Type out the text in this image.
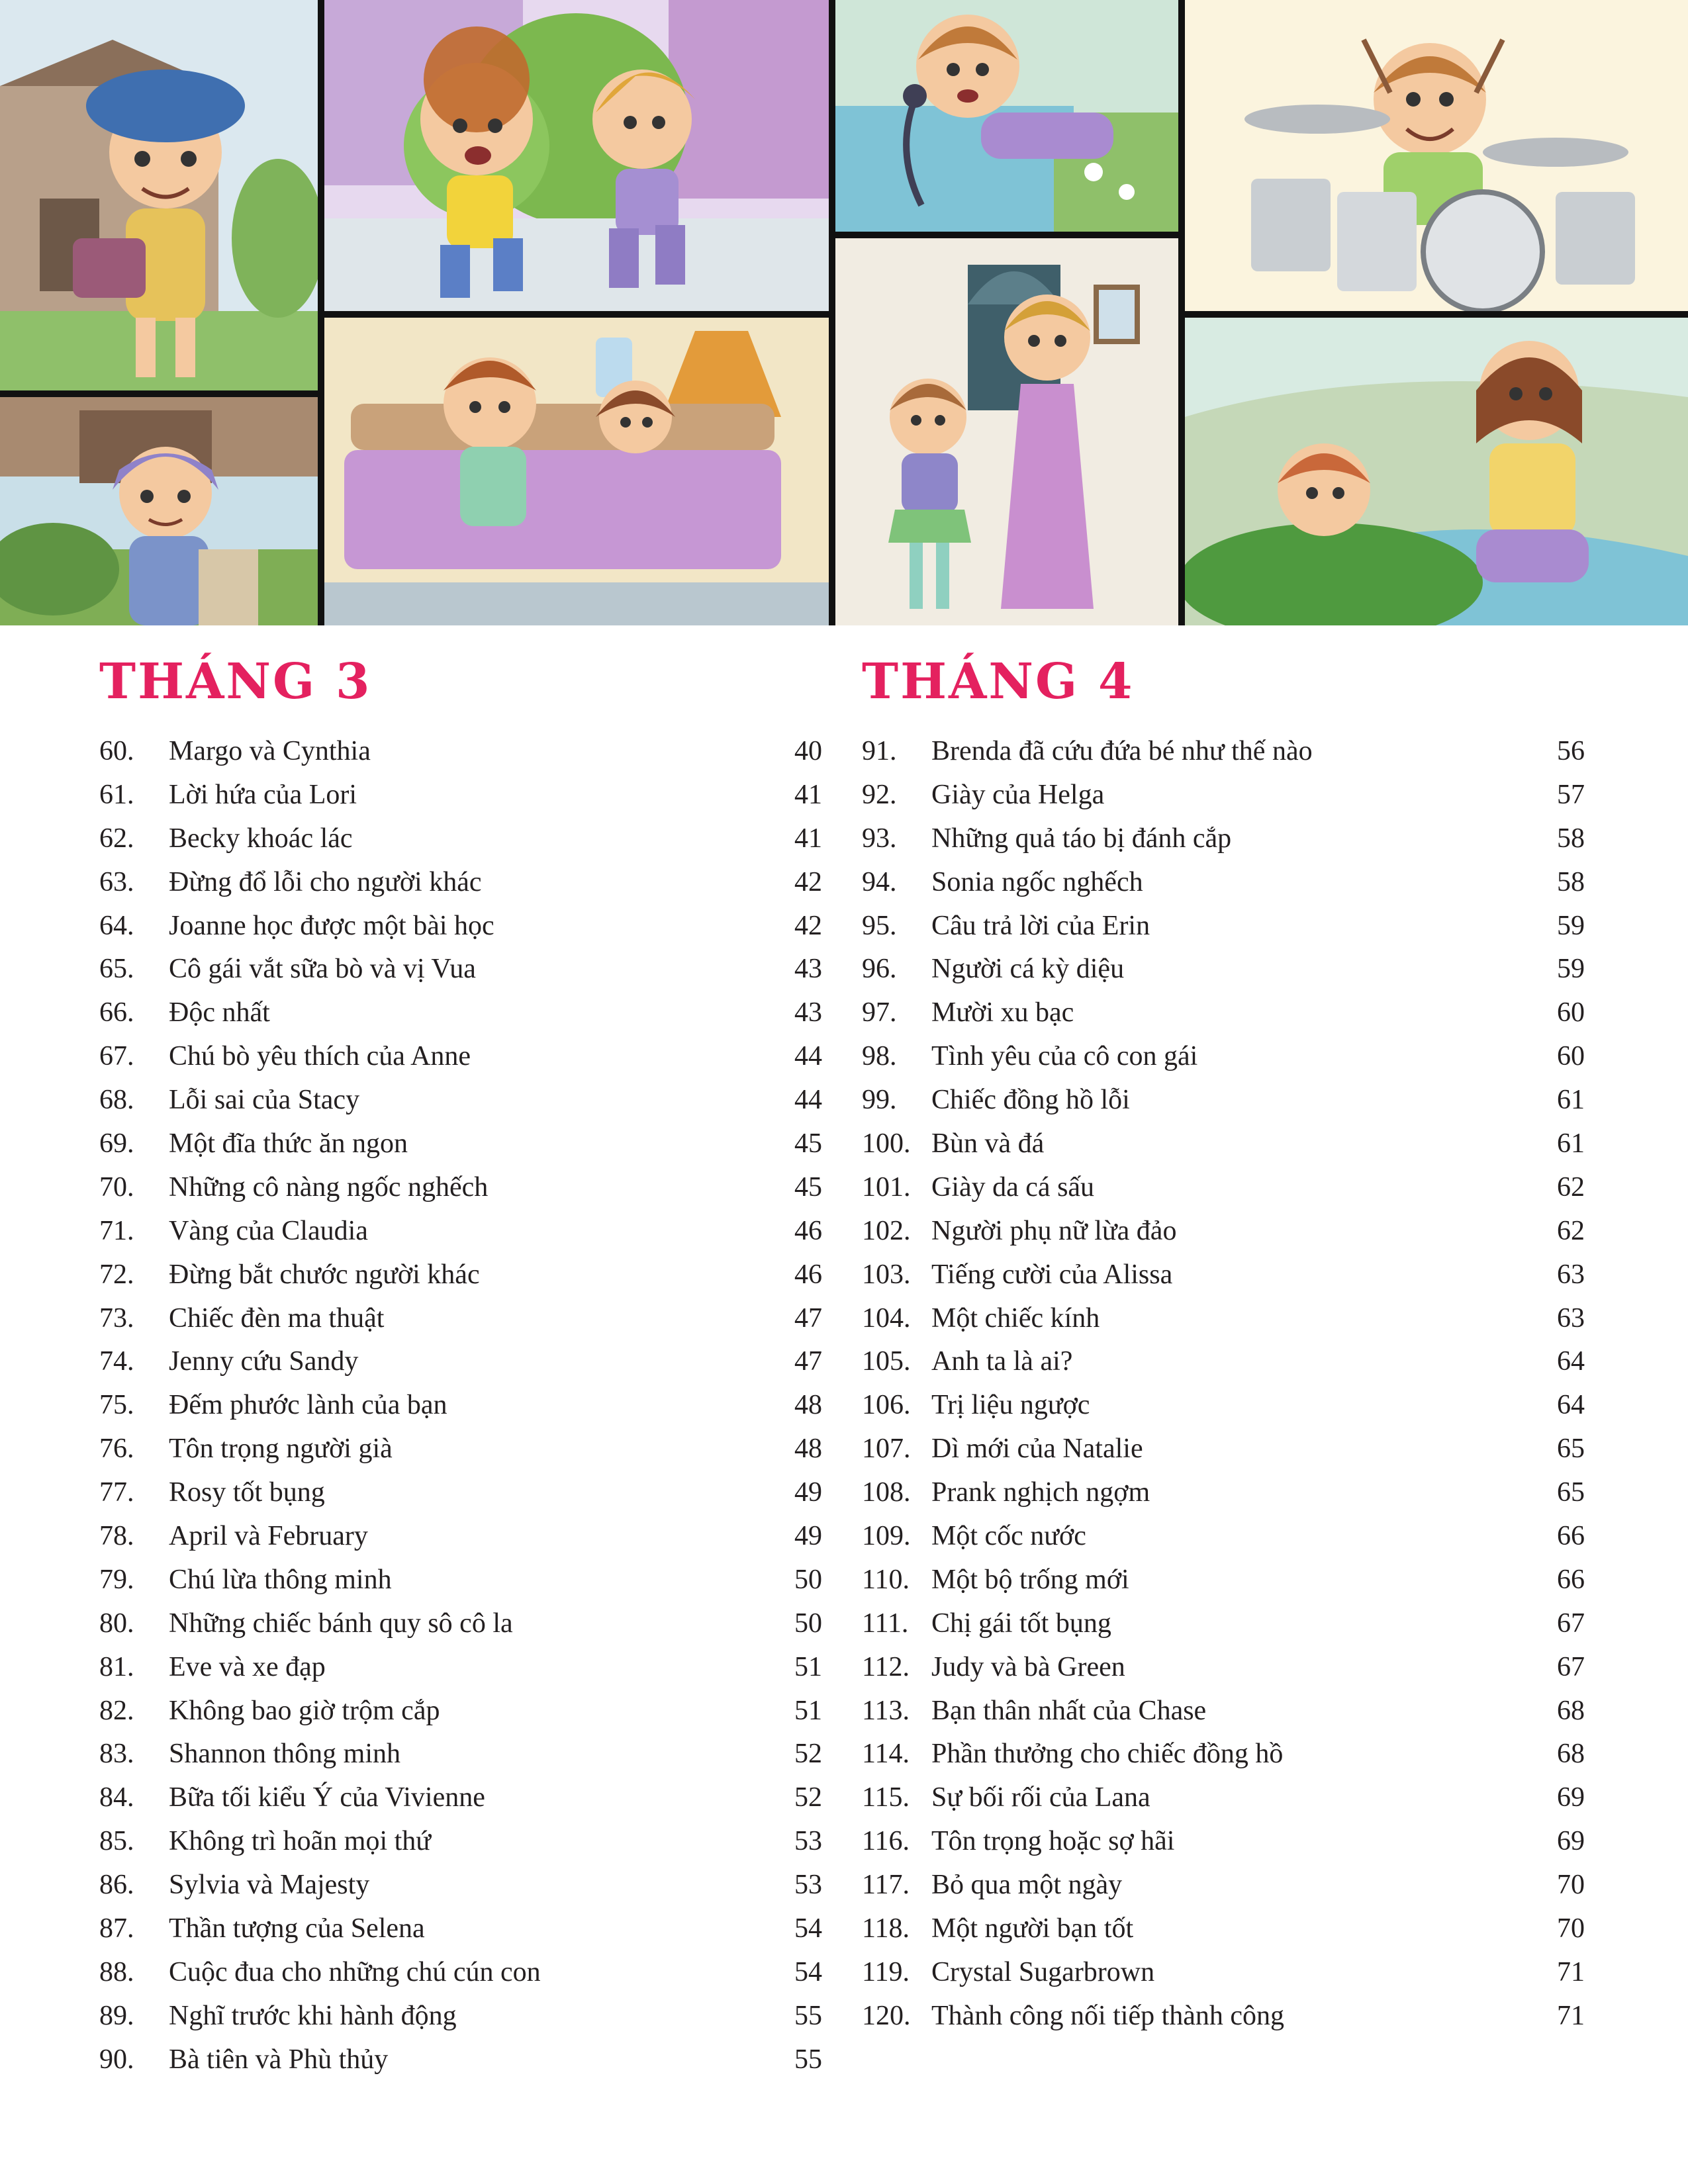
THÁNG 3
60.	Margo và Cynthia	40
61.	Lời hứa của Lori	41
62.	Becky khoác lác	41
63.	Đừng đổ lỗi cho người khác	42
64.	Joanne học được một bài học	42
65.	Cô gái vắt sữa bò và vị Vua	43
66.	Độc nhất	43
67.	Chú bò yêu thích của Anne	44
68.	Lỗi sai của Stacy	44
69.	Một đĩa thức ăn ngon	45
70.	Những cô nàng ngốc nghếch	45
71.	Vàng của Claudia	46
72.	Đừng bắt chước người khác	46
73.	Chiếc đèn ma thuật	47
74.	Jenny cứu Sandy	47
75.	Đếm phước lành của bạn	48
76.	Tôn trọng người già	48
77.	Rosy tốt bụng	49
78.	April và February	49
79.	Chú lừa thông minh	50
80.	Những chiếc bánh quy sô cô la	50
81.	Eve và xe đạp	51
82.	Không bao giờ trộm cắp	51
83.	Shannon thông minh	52
84.	Bữa tối kiểu Ý của Vivienne	52
85.	Không trì hoãn mọi thứ	53
86.	Sylvia và Majesty	53
87.	Thần tượng của Selena	54
88.	Cuộc đua cho những chú cún con	54
89.	Nghĩ trước khi hành động	55
90.	Bà tiên và Phù thủy	55
THÁNG 4
91.	Brenda đã cứu đứa bé như thế nào	56
92.	Giày của Helga	57
93.	Những quả táo bị đánh cắp	58
94.	Sonia ngốc nghếch	58
95.	Câu trả lời của Erin	59
96.	Người cá kỳ diệu	59
97.	Mười xu bạc	60
98.	Tình yêu của cô con gái	60
99.	Chiếc đồng hồ lỗi	61
100. Bùn và đá	61
101. Giày da cá sấu	62
102. Người phụ nữ lừa đảo	62
103. Tiếng cười của Alissa	63
104. Một chiếc kính	63
105. Anh ta là ai?	64
106. Trị liệu ngược	64
107. Dì mới của Natalie	65
108. Prank nghịch ngợm	65
109. Một cốc nước	66
110. Một bộ trống mới	66
111. Chị gái tốt bụng	67
112. Judy và bà Green	67
113. Bạn thân nhất của Chase	68
114. Phần thưởng cho chiếc đồng hồ	68
115. Sự bối rối của Lana	69
116. Tôn trọng hoặc sợ hãi	69
117. Bỏ qua một ngày	70
118. Một người bạn tốt	70
119. Crystal Sugarbrown	71
120. Thành công nối tiếp thành công	71
